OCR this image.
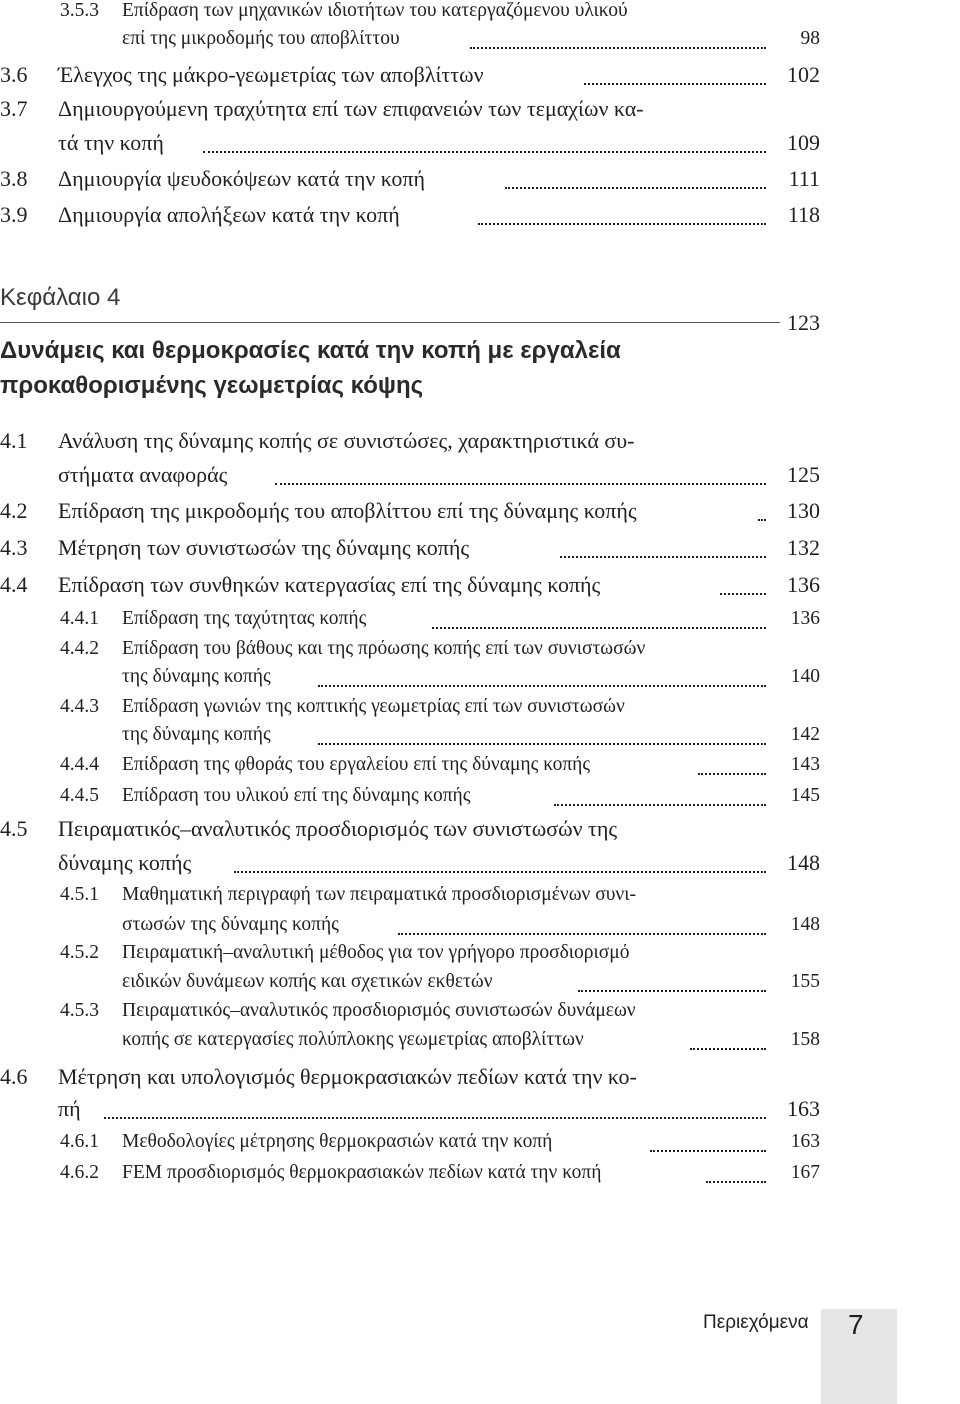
3.5.3 Επίδραση των μηχανικών ιδιοτήτων του κατεργαζόμενου υλικού
επί της μικροδομής του αποβλίττου	98
3.6 Έλεγχος της μάκρο-γεωμετρίας των αποβλίττων	102
3.7 Δημιουργούμενη τραχύτητα επί των επιφανειών των τεμαχίων κα-
τά την κοπή	109
3.8 Δημιουργία ψευδοκόψεων κατά την κοπή	111
3.9 Δημιουργία απολήξεων κατά την κοπή	118
Κεφάλαιο 4
123
Δυνάμεις και θερμοκρασίες κατά την κοπή με εργαλεία
προκαθορισμένης γεωμετρίας κόψης
4.1 Ανάλυση της δύναμης κοπής σε συνιστώσες, χαρακτηριστικά συ-
στήματα αναφοράς	125
4.2 Επίδραση της μικροδομής του αποβλίττου επί της δύναμης κοπής	130
4.3 Μέτρηση των συνιστωσών της δύναμης κοπής	132
4.4 Επίδραση των συνθηκών κατεργασίας επί της δύναμης κοπής	136
4.4.1 Επίδραση της ταχύτητας κοπής	136
4.4.2 Επίδραση του βάθους και της πρόωσης κοπής επί των συνιστωσών
της δύναμης κοπής	140
4.4.3 Επίδραση γωνιών της κοπτικής γεωμετρίας επί των συνιστωσών
της δύναμης κοπής	142
4.4.4 Επίδραση της φθοράς του εργαλείου επί της δύναμης κοπής	143
4.4.5 Επίδραση του υλικού επί της δύναμης κοπής	145
4.5 Πειραματικός–αναλυτικός προσδιορισμός των συνιστωσών της
δύναμης κοπής	148
4.5.1 Μαθηματική περιγραφή των πειραματικά προσδιορισμένων συνι-
στωσών της δύναμης κοπής	148
4.5.2 Πειραματική–αναλυτική μέθοδος για τον γρήγορο προσδιορισμό
ειδικών δυνάμεων κοπής και σχετικών εκθετών	155
4.5.3 Πειραματικός–αναλυτικός προσδιορισμός συνιστωσών δυνάμεων
κοπής σε κατεργασίες πολύπλοκης γεωμετρίας αποβλίττων	158
4.6 Μέτρηση και υπολογισμός θερμοκρασιακών πεδίων κατά την κο-
πή	163
4.6.1 Μεθοδολογίες μέτρησης θερμοκρασιών κατά την κοπή	163
4.6.2 FEM προσδιορισμός θερμοκρασιακών πεδίων κατά την κοπή	167
Περιεχόμενα 7
